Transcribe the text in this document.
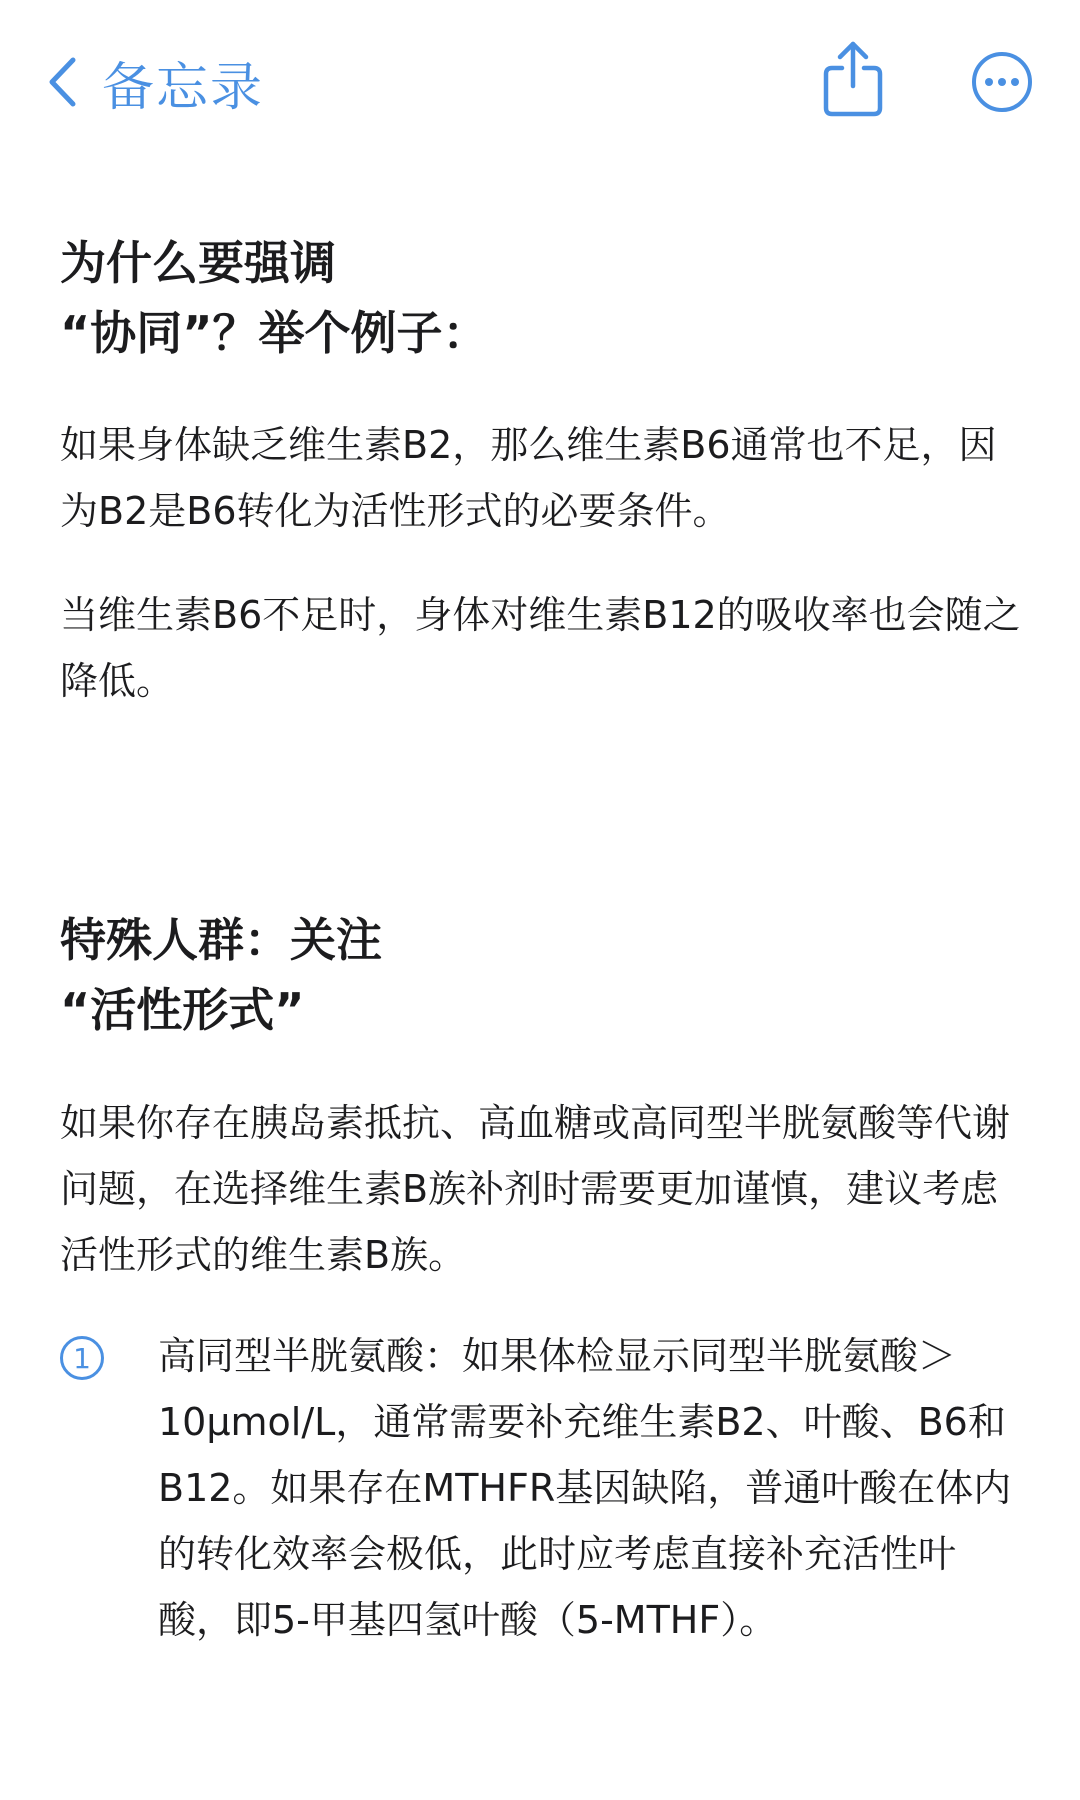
备忘录
为什么要强调
“协同”？举个例子：
如果身体缺乏维生素B2，那么维生素B6通常也不足，因为B2是B6转化为活性形式的必要条件。
当维生素B6不足时，身体对维生素B12的吸收率也会随之降低。
特殊人群：关注
“活性形式”
如果你存在胰岛素抵抗、高血糖或高同型半胱氨酸等代谢问题，在选择维生素B族补剂时需要更加谨慎，建议考虑活性形式的维生素B族。
1	高同型半胱氨酸：如果体检显示同型半胱氨酸＞10μmol/L，通常需要补充维生素B2、叶酸、B6和B12。如果存在MTHFR基因缺陷，普通叶酸在体内的转化效率会极低，此时应考虑直接补充活性叶酸，即5-甲基四氢叶酸（5-MTHF）。
